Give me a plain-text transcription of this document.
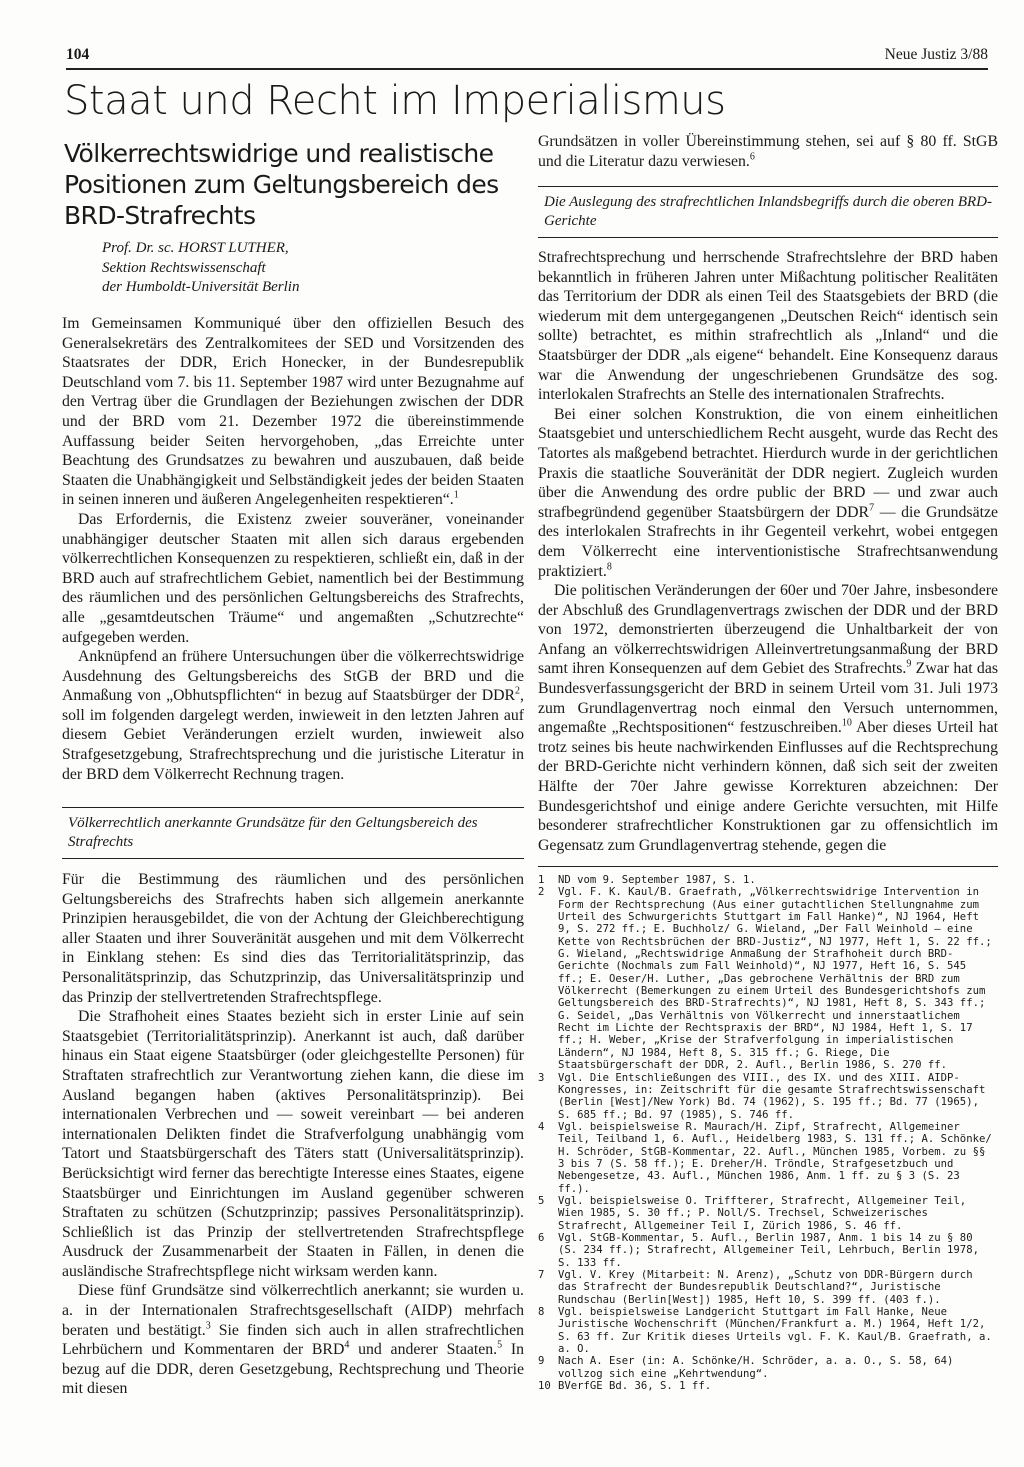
104	Neue Justiz 3/88
Staat und Recht im Imperialismus
Völkerrechtswidrige und realistische Positionen zum Geltungsbereich des BRD-Strafrechts
Prof. Dr. sc. HORST LUTHER,
Sektion Rechtswissenschaft
der Humboldt-Universität Berlin

Im Gemeinsamen Kommuniqué über den offiziellen Besuch des Generalsekretärs des Zentralkomitees der SED und Vorsitzenden des Staatsrates der DDR, Erich Honecker, in der Bundesrepublik Deutschland vom 7. bis 11. September 1987 wird unter Bezugnahme auf den Vertrag über die Grundlagen der Beziehungen zwischen der DDR und der BRD vom 21. Dezember 1972 die übereinstimmende Auffassung beider Seiten hervorgehoben, „das Erreichte unter Beachtung des Grundsatzes zu bewahren und auszubauen, daß beide Staaten die Unabhängigkeit und Selbständigkeit jedes der beiden Staaten in seinen inneren und äußeren Angelegenheiten respektieren“.$^1$

Das Erfordernis, die Existenz zweier souveräner, voneinander unabhängiger deutscher Staaten mit allen sich daraus ergebenden völkerrechtlichen Konsequenzen zu respektieren, schließt ein, daß in der BRD auch auf strafrechtlichem Gebiet, namentlich bei der Bestimmung des räumlichen und des persönlichen Geltungsbereichs des Strafrechts, alle „gesamtdeutschen Träume“ und angemaßten „Schutzrechte“ aufgegeben werden.

Anknüpfend an frühere Untersuchungen über die völkerrechtswidrige Ausdehnung des Geltungsbereichs des StGB der BRD und die Anmaßung von „Obhutspflichten“ in bezug auf Staatsbürger der DDR$^2$, soll im folgenden dargelegt werden, inwieweit in den letzten Jahren auf diesem Gebiet Veränderungen erzielt wurden, inwieweit also Strafgesetzgebung, Strafrechtsprechung und die juristische Literatur in der BRD dem Völkerrecht Rechnung tragen.

Völkerrechtlich anerkannte Grundsätze für den Geltungsbereich des Strafrechts

Für die Bestimmung des räumlichen und des persönlichen Geltungsbereichs des Strafrechts haben sich allgemein anerkannte Prinzipien herausgebildet, die von der Achtung der Gleichberechtigung aller Staaten und ihrer Souveränität ausgehen und mit dem Völkerrecht in Einklang stehen: Es sind dies das Territorialitätsprinzip, das Personalitätsprinzip, das Schutzprinzip, das Universalitätsprinzip und das Prinzip der stellvertretenden Strafrechtspflege.

Die Strafhoheit eines Staates bezieht sich in erster Linie auf sein Staatsgebiet (Territorialitätsprinzip). Anerkannt ist auch, daß darüber hinaus ein Staat eigene Staatsbürger (oder gleichgestellte Personen) für Straftaten strafrechtlich zur Verantwortung ziehen kann, die diese im Ausland begangen haben (aktives Personalitätsprinzip). Bei internationalen Verbrechen und — soweit vereinbart — bei anderen internationalen Delikten findet die Strafverfolgung unabhängig vom Tatort und Staatsbürgerschaft des Täters statt (Universalitätsprinzip). Berücksichtigt wird ferner das berechtigte Interesse eines Staates, eigene Staatsbürger und Einrichtungen im Ausland gegenüber schweren Straftaten zu schützen (Schutzprinzip; passives Personalitätsprinzip). Schließlich ist das Prinzip der stellvertretenden Strafrechtspflege Ausdruck der Zusammenarbeit der Staaten in Fällen, in denen die ausländische Strafrechtspflege nicht wirksam werden kann.

Diese fünf Grundsätze sind völkerrechtlich anerkannt; sie wurden u. a. in der Internationalen Strafrechtsgesellschaft (AIDP) mehrfach beraten und bestätigt.$^3$ Sie finden sich auch in allen strafrechtlichen Lehrbüchern und Kommentaren der BRD$^4$ und anderer Staaten.$^5$ In bezug auf die DDR, deren Gesetzgebung, Rechtsprechung und Theorie mit diesen

Grundsätzen in voller Übereinstimmung stehen, sei auf § 80 ff. StGB und die Literatur dazu verwiesen.$^6$

Die Auslegung des strafrechtlichen Inlandsbegriffs durch die oberen BRD-Gerichte

Strafrechtsprechung und herrschende Strafrechtslehre der BRD haben bekanntlich in früheren Jahren unter Mißachtung politischer Realitäten das Territorium der DDR als einen Teil des Staatsgebiets der BRD (die wiederum mit dem untergegangenen „Deutschen Reich“ identisch sein sollte) betrachtet, es mithin strafrechtlich als „Inland“ und die Staatsbürger der DDR „als eigene“ behandelt. Eine Konsequenz daraus war die Anwendung der ungeschriebenen Grundsätze des sog. interlokalen Strafrechts an Stelle des internationalen Strafrechts.

Bei einer solchen Konstruktion, die von einem einheitlichen Staatsgebiet und unterschiedlichem Recht ausgeht, wurde das Recht des Tatortes als maßgebend betrachtet. Hierdurch wurde in der gerichtlichen Praxis die staatliche Souveränität der DDR negiert. Zugleich wurden über die Anwendung des ordre public der BRD — und zwar auch strafbegründend gegenüber Staatsbürgern der DDR$^7$ — die Grundsätze des interlokalen Strafrechts in ihr Gegenteil verkehrt, wobei entgegen dem Völkerrecht eine interventionistische Strafrechtsanwendung praktiziert.$^8$

Die politischen Veränderungen der 60er und 70er Jahre, insbesondere der Abschluß des Grundlagenvertrags zwischen der DDR und der BRD von 1972, demonstrierten überzeugend die Unhaltbarkeit der von Anfang an völkerrechtswidrigen Alleinvertretungsanmaßung der BRD samt ihren Konsequenzen auf dem Gebiet des Strafrechts.$^9$ Zwar hat das Bundesverfassungsgericht der BRD in seinem Urteil vom 31. Juli 1973 zum Grundlagenvertrag noch einmal den Versuch unternommen, angemaßte „Rechtspositionen“ festzuschreiben.$^{10}$ Aber dieses Urteil hat trotz seines bis heute nachwirkenden Einflusses auf die Rechtsprechung der BRD-Gerichte nicht verhindern können, daß sich seit der zweiten Hälfte der 70er Jahre gewisse Korrekturen abzeichnen: Der Bundesgerichtshof und einige andere Gerichte versuchten, mit Hilfe besonderer strafrechtlicher Konstruktionen gar zu offensichtlich im Gegensatz zum Grundlagenvertrag stehende, gegen die

1	ND vom 9. September 1987, S. 1.
2	Vgl. F. K. Kaul/B. Graefrath, „Völkerrechtswidrige Intervention in Form der Rechtsprechung (Aus einer gutachtlichen Stellungnahme zum Urteil des Schwurgerichts Stuttgart im Fall Hanke)“, NJ 1964, Heft 9, S. 272 ff.; E. Buchholz/ G. Wieland, „Der Fall Weinhold — eine Kette von Rechtsbrüchen der BRD-Justiz“, NJ 1977, Heft 1, S. 22 ff.; G. Wieland, „Rechtswidrige Anmaßung der Strafhoheit durch BRD-Gerichte (Nochmals zum Fall Weinhold)“, NJ 1977, Heft 16, S. 545 ff.; E. Oeser/H. Luther, „Das gebrochene Verhältnis der BRD zum Völkerrecht (Bemerkungen zu einem Urteil des Bundesgerichtshofs zum Geltungsbereich des BRD-Strafrechts)“, NJ 1981, Heft 8, S. 343 ff.; G. Seidel, „Das Verhältnis von Völkerrecht und innerstaatlichem Recht im Lichte der Rechtspraxis der BRD“, NJ 1984, Heft 1, S. 17 ff.; H. Weber, „Krise der Strafverfolgung in imperialistischen Ländern“, NJ 1984, Heft 8, S. 315 ff.; G. Riege, Die Staatsbürgerschaft der DDR, 2. Aufl., Berlin 1986, S. 270 ff.
3	Vgl. Die Entschließungen des VIII., des IX. und des XIII. AIDP-Kongresses, in: Zeitschrift für die gesamte Strafrechtswissenschaft (Berlin [West]/New York) Bd. 74 (1962), S. 195 ff.; Bd. 77 (1965), S. 685 ff.; Bd. 97 (1985), S. 746 ff.
4	Vgl. beispielsweise R. Maurach/H. Zipf, Strafrecht, Allgemeiner Teil, Teilband 1, 6. Aufl., Heidelberg 1983, S. 131 ff.; A. Schönke/ H. Schröder, StGB-Kommentar, 22. Aufl., München 1985, Vorbem. zu §§ 3 bis 7 (S. 58 ff.); E. Dreher/H. Tröndle, Strafgesetzbuch und Nebengesetze, 43. Aufl., München 1986, Anm. 1 ff. zu § 3 (S. 23 ff.).
5	Vgl. beispielsweise O. Triffterer, Strafrecht, Allgemeiner Teil, Wien 1985, S. 30 ff.; P. Noll/S. Trechsel, Schweizerisches Strafrecht, Allgemeiner Teil I, Zürich 1986, S. 46 ff.
6	Vgl. StGB-Kommentar, 5. Aufl., Berlin 1987, Anm. 1 bis 14 zu § 80 (S. 234 ff.); Strafrecht, Allgemeiner Teil, Lehrbuch, Berlin 1978, S. 133 ff.
7	Vgl. V. Krey (Mitarbeit: N. Arenz), „Schutz von DDR-Bürgern durch das Strafrecht der Bundesrepublik Deutschland?“, Juristische Rundschau (Berlin[West]) 1985, Heft 10, S. 399 ff. (403 f.).
8	Vgl. beispielsweise Landgericht Stuttgart im Fall Hanke, Neue Juristische Wochenschrift (München/Frankfurt a. M.) 1964, Heft 1/2, S. 63 ff. Zur Kritik dieses Urteils vgl. F. K. Kaul/B. Graefrath, a. a. O.
9	Nach A. Eser (in: A. Schönke/H. Schröder, a. a. O., S. 58, 64) vollzog sich eine „Kehrtwendung“.
10 BVerfGE Bd. 36, S. 1 ff.
